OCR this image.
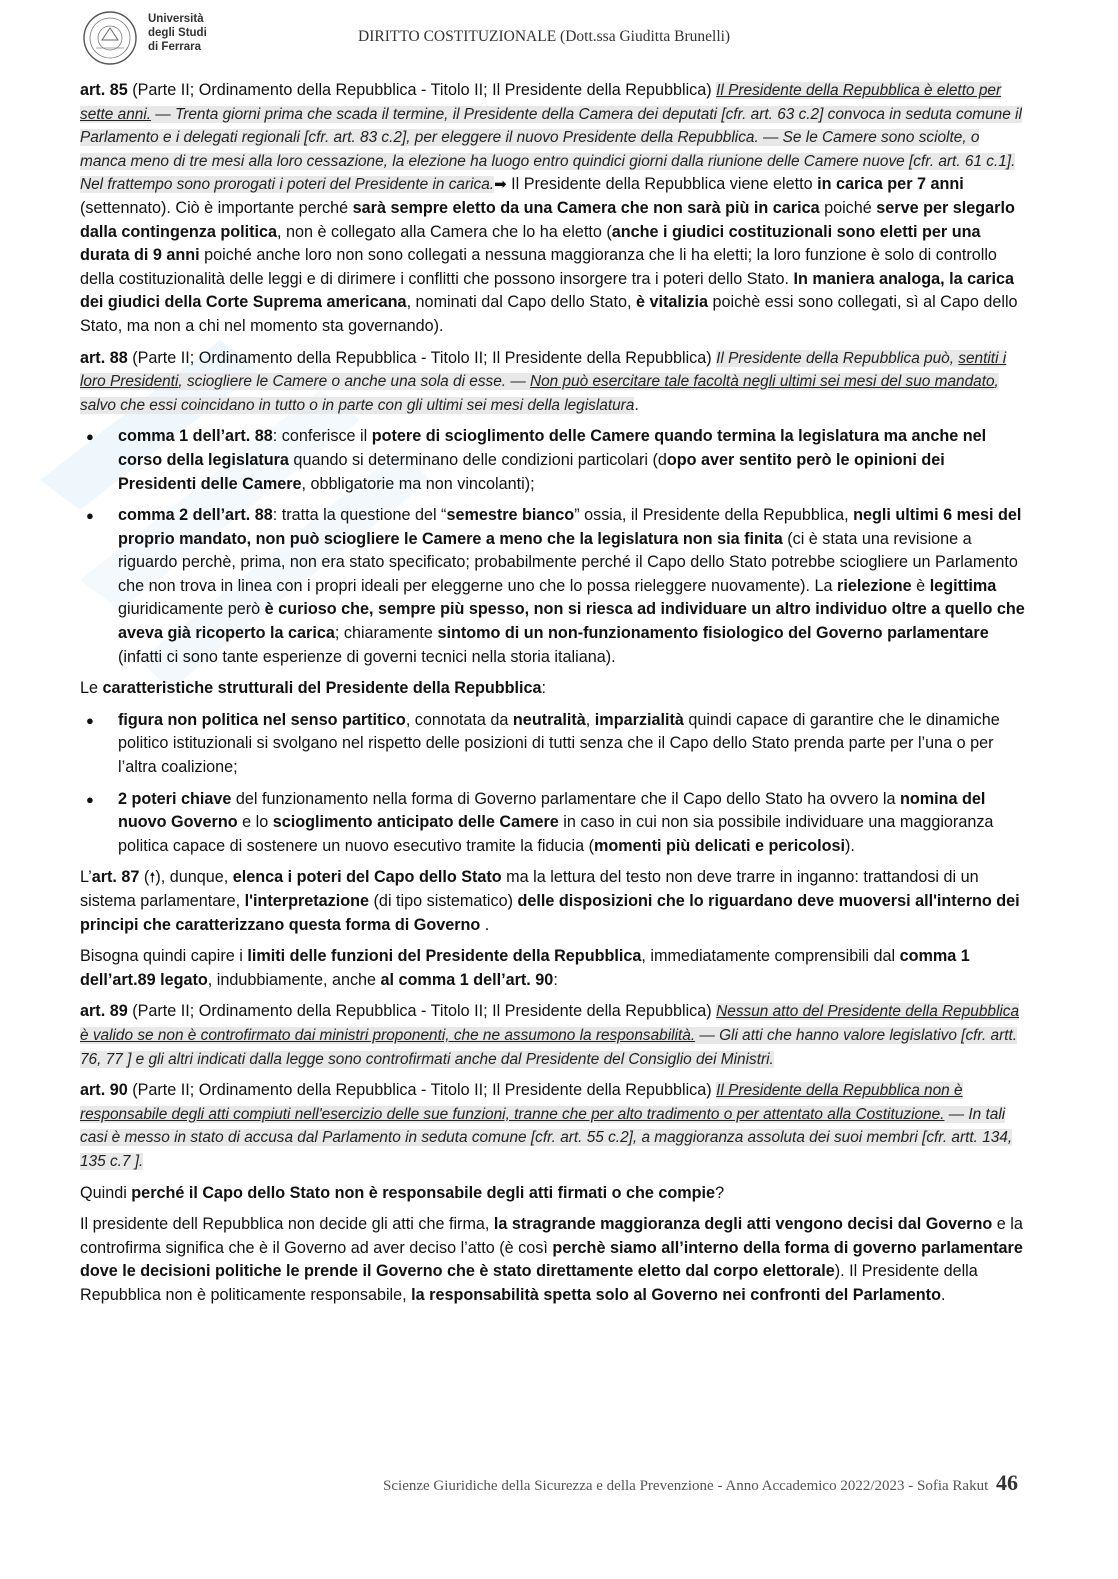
Università
degli Studi
di Ferrara
DIRITTO COSTITUZIONALE (Dott.ssa Giuditta Brunelli)

art. 85 (Parte II; Ordinamento della Repubblica - Titolo II; Il Presidente della Repubblica) Il Presidente della Repubblica è eletto per sette anni. — Trenta giorni prima che scada il termine, il Presidente della Camera dei deputati [cfr. art. 63 c.2] convoca in seduta comune il Parlamento e i delegati regionali [cfr. art. 83 c.2], per eleggere il nuovo Presidente della Repubblica. — Se le Camere sono sciolte, o manca meno di tre mesi alla loro cessazione, la elezione ha luogo entro quindici giorni dalla riunione delle Camere nuove [cfr. art. 61 c.1]. Nel frattempo sono prorogati i poteri del Presidente in carica.➡ Il Presidente della Repubblica viene eletto in carica per 7 anni (settennato). Ciò è importante perché sarà sempre eletto da una Camera che non sarà più in carica poiché serve per slegarlo dalla contingenza politica, non è collegato alla Camera che lo ha eletto (anche i giudici costituzionali sono eletti per una durata di 9 anni poiché anche loro non sono collegati a nessuna maggioranza che li ha eletti; la loro funzione è solo di controllo della costituzionalità delle leggi e di dirimere i conflitti che possono insorgere tra i poteri dello Stato. In maniera analoga, la carica dei giudici della Corte Suprema americana, nominati dal Capo dello Stato, è vitalizia poichè essi sono collegati, sì al Capo dello Stato, ma non a chi nel momento sta governando).

art. 88 (Parte II; Ordinamento della Repubblica - Titolo II; Il Presidente della Repubblica) Il Presidente della Repubblica può, sentiti i loro Presidenti, sciogliere le Camere o anche una sola di esse. — Non può esercitare tale facoltà negli ultimi sei mesi del suo mandato, salvo che essi coincidano in tutto o in parte con gli ultimi sei mesi della legislatura.

● comma 1 dell’art. 88: conferisce il potere di scioglimento delle Camere quando termina la legislatura ma anche nel corso della legislatura quando si determinano delle condizioni particolari (dopo aver sentito però le opinioni dei Presidenti delle Camere, obbligatorie ma non vincolanti);
● comma 2 dell’art. 88: tratta la questione del “semestre bianco” ossia, il Presidente della Repubblica, negli ultimi 6 mesi del proprio mandato, non può sciogliere le Camere a meno che la legislatura non sia finita (ci è stata una revisione a riguardo perchè, prima, non era stato specificato; probabilmente perché il Capo dello Stato potrebbe sciogliere un Parlamento che non trova in linea con i propri ideali per eleggerne uno che lo possa rieleggere nuovamente). La rielezione è legittima giuridicamente però è curioso che, sempre più spesso, non si riesca ad individuare un altro individuo oltre a quello che aveva già ricoperto la carica; chiaramente sintomo di un non-funzionamento fisiologico del Governo parlamentare (infatti ci sono tante esperienze di governi tecnici nella storia italiana).

Le caratteristiche strutturali del Presidente della Repubblica:

● figura non politica nel senso partitico, connotata da neutralità, imparzialità quindi capace di garantire che le dinamiche politico istituzionali si svolgano nel rispetto delle posizioni di tutti senza che il Capo dello Stato prenda parte per l’una o per l’altra coalizione;
● 2 poteri chiave del funzionamento nella forma di Governo parlamentare che il Capo dello Stato ha ovvero la nomina del nuovo Governo e lo scioglimento anticipato delle Camere in caso in cui non sia possibile individuare una maggioranza politica capace di sostenere un nuovo esecutivo tramite la fiducia (momenti più delicati e pericolosi).

L’art. 87 (🠕), dunque, elenca i poteri del Capo dello Stato ma la lettura del testo non deve trarre in inganno: trattandosi di un sistema parlamentare, l'interpretazione (di tipo sistematico) delle disposizioni che lo riguardano deve muoversi all'interno dei principi che caratterizzano questa forma di Governo .

Bisogna quindi capire i limiti delle funzioni del Presidente della Repubblica, immediatamente comprensibili dal comma 1 dell’art.89 legato, indubbiamente, anche al comma 1 dell’art. 90:

art. 89 (Parte II; Ordinamento della Repubblica - Titolo II; Il Presidente della Repubblica) Nessun atto del Presidente della Repubblica è valido se non è controfirmato dai ministri proponenti, che ne assumono la responsabilità. — Gli atti che hanno valore legislativo [cfr. artt. 76, 77 ] e gli altri indicati dalla legge sono controfirmati anche dal Presidente del Consiglio dei Ministri.

art. 90 (Parte II; Ordinamento della Repubblica - Titolo II; Il Presidente della Repubblica) Il Presidente della Repubblica non è responsabile degli atti compiuti nell'esercizio delle sue funzioni, tranne che per alto tradimento o per attentato alla Costituzione. — In tali casi è messo in stato di accusa dal Parlamento in seduta comune [cfr. art. 55 c.2], a maggioranza assoluta dei suoi membri [cfr. artt. 134, 135 c.7 ].

Quindi perché il Capo dello Stato non è responsabile degli atti firmati o che compie?

Il presidente dell Repubblica non decide gli atti che firma, la stragrande maggioranza degli atti vengono decisi dal Governo e la controfirma significa che è il Governo ad aver deciso l’atto (è così perchè siamo all’interno della forma di governo parlamentare dove le decisioni politiche le prende il Governo che è stato direttamente eletto dal corpo elettorale). Il Presidente della Repubblica non è politicamente responsabile, la responsabilità spetta solo al Governo nei confronti del Parlamento.

Scienze Giuridiche della Sicurezza e della Prevenzione - Anno Accademico 2022/2023 - Sofia Rakut 46
